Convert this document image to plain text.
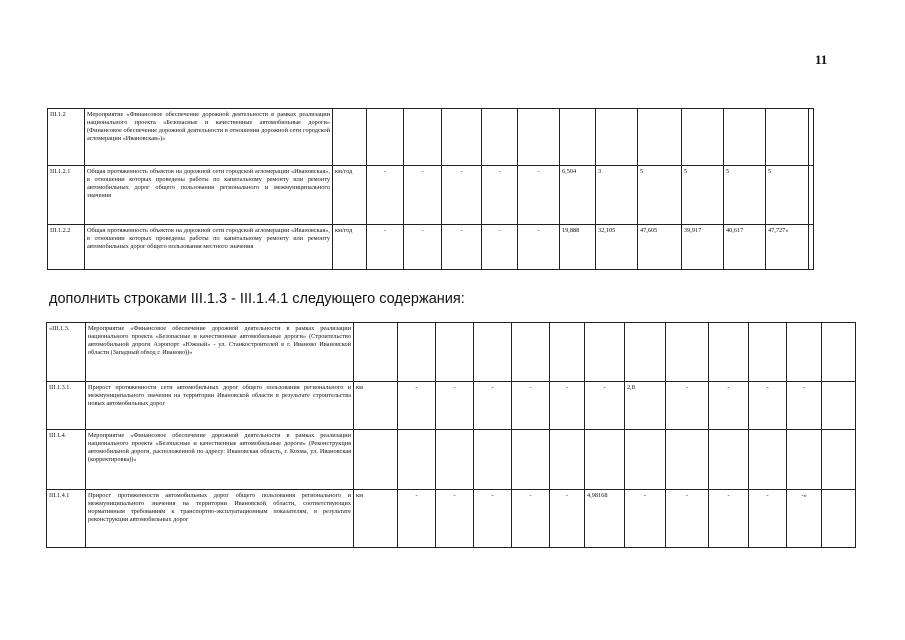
11
III.1.2	Мероприятие «Финансовое обеспечение дорожной деятельности в рамках реализации национального проекта «Безопасные и качественные автомобильные дороги» (Финансовое обеспечение дорожной деятельности в отношении дорожной сети городской агломерации «Ивановская»)»													
III.1.2.1	Общая протяженность объектов на дорожной сети городской агломерации «Ивановская», в отношении которых проведены работы по капитальному ремонту или ремонту автомобильных дорог общего пользования регионального и межмуниципального значения	км/год	-	-	-	-	-	6,504	3	5	5	5	5	
III.1.2.2	Общая протяженность объектов на дорожной сети городской агломерации «Ивановская», в отношении которых проведены работы по капитальному ремонту или ремонту автомобильных дорог общего пользования местного значения	км/год	-	-	-	-	-	19,888	32,105	47,605	39,917	40,617	47,727»	
дополнить строками III.1.3 - III.1.4.1 следующего содержания:
«III.1.3.	Мероприятие «Финансовое обеспечение дорожной деятельности в рамках реализации национального проекта «Безопасные и качественные автомобильные дороги» (Строительство автомобильной дороги Аэропорт «Южный» - ул. Станкостроителей в г. Иваново Ивановской области (Западный обход г. Иваново))»													
III.1.3.1.	Прирост протяженности сети автомобильных дорог общего пользования регионального и межмуниципального значения на территории Ивановской области в результате строительства новых автомобильных дорог	км	-	-	-	-	-	-	2,8	-	-	-	-	
III.1.4.	Мероприятие «Финансовое обеспечение дорожной деятельности в рамках реализации национального проекта «Безопасные и качественные автомобильные дороги» (Реконструкция автомобильной дороги, расположенной по адресу: Ивановская область, г. Кохма, ул. Ивановская (корректировка))»													
III.1.4.1	Прирост протяженности автомобильных дорог общего пользования регионального и межмуниципального значения на территории Ивановской области, соответствующих нормативным требованиям к транспортно-эксплуатационным показателям, в результате реконструкции автомобильных дорог	км	-	-	-	-	-	4,98168	-	-	-	-	-»	
